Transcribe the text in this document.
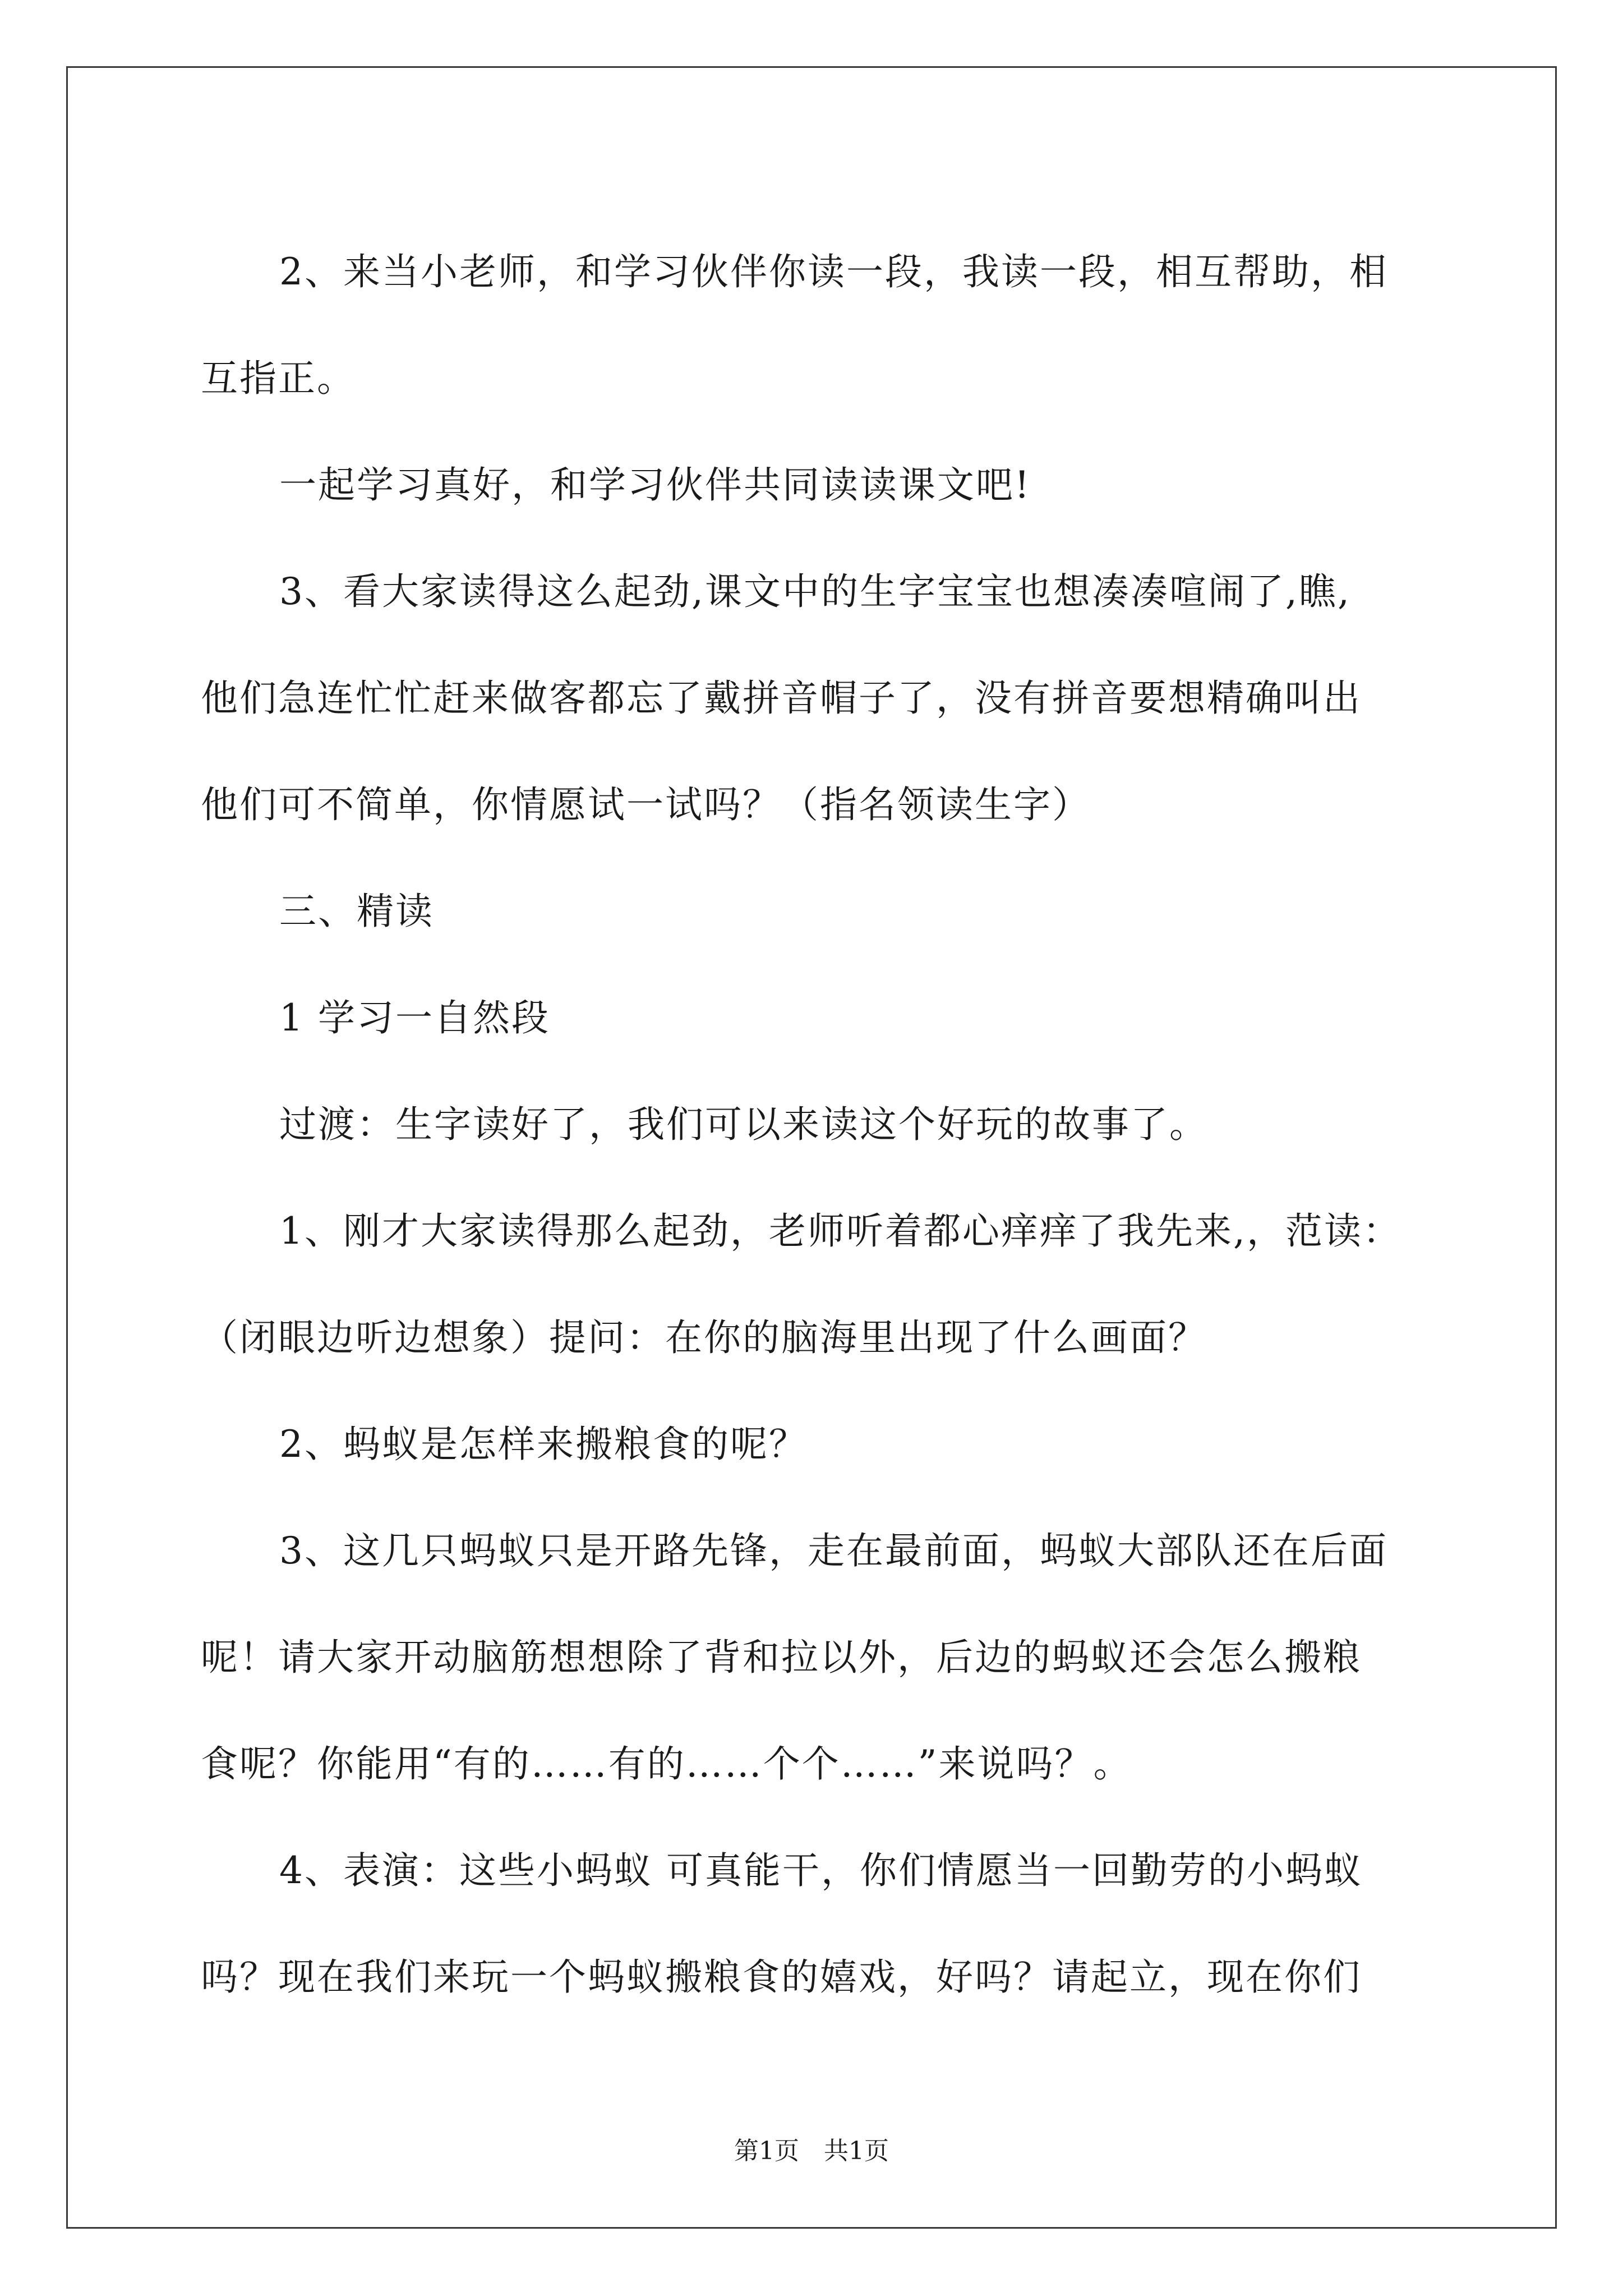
2、来当小老师，和学习伙伴你读一段，我读一段，相互帮助，相

互指正。

一起学习真好，和学习伙伴共同读读课文吧!

3、看大家读得这么起劲,课文中的生字宝宝也想凑凑喧闹了,瞧,

他们急连忙忙赶来做客都忘了戴拼音帽子了，没有拼音要想精确叫出

他们可不简单，你情愿试一试吗？（指名领读生字）

三、精读

1 学习一自然段

过渡：生字读好了，我们可以来读这个好玩的故事了。

1、刚才大家读得那么起劲，老师听着都心痒痒了我先来,，范读：

（闭眼边听边想象）提问：在你的脑海里出现了什么画面？

2、蚂蚁是怎样来搬粮食的呢？

3、这几只蚂蚁只是开路先锋，走在最前面，蚂蚁大部队还在后面

呢！请大家开动脑筋想想除了背和拉以外，后边的蚂蚁还会怎么搬粮

食呢？你能用“有的……有的……个个……”来说吗？。

4、表演：这些小蚂蚁 可真能干，你们情愿当一回勤劳的小蚂蚁

吗？现在我们来玩一个蚂蚁搬粮食的嬉戏，好吗？请起立，现在你们

第1页　共1页
